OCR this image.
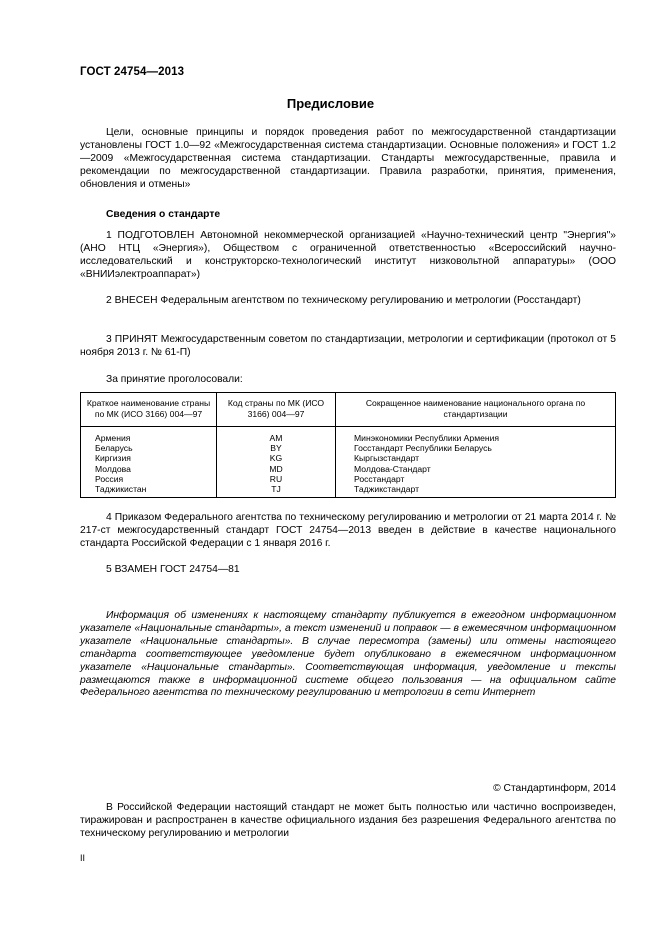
ГОСТ 24754—2013
Предисловие
Цели, основные принципы и порядок проведения работ по межгосударственной стандартизации установлены ГОСТ 1.0—92 «Межгосударственная система стандартизации. Основные положения» и ГОСТ 1.2—2009 «Межгосударственная система стандартизации. Стандарты межгосударственные, правила и рекомендации по межгосударственной стандартизации. Правила разработки, принятия, применения, обновления и отмены»
Сведения о стандарте
1 ПОДГОТОВЛЕН Автономной некоммерческой организацией «Научно-технический центр "Энергия"» (АНО НТЦ «Энергия»), Обществом с ограниченной ответственностью «Всероссийский научно-исследовательский и конструкторско-технологический институт низковольтной аппаратуры» (ООО «ВНИИэлектроаппарат»)
2 ВНЕСЕН Федеральным агентством по техническому регулированию и метрологии (Росстандарт)
3 ПРИНЯТ Межгосударственным советом по стандартизации, метрологии и сертификации (протокол от 5 ноября 2013 г. № 61-П)
За принятие проголосовали:
Краткое наименование страны по МК (ИСО 3166) 004—97	Код страны по МК (ИСО 3166) 004—97	Сокращенное наименование национального органа по стандартизации
Армения	AM	Минэкономики Республики Армения
Беларусь	BY	Госстандарт Республики Беларусь
Киргизия	KG	Кыргызстандарт
Молдова	MD	Молдова-Стандарт
Россия	RU	Росстандарт
Таджикистан	TJ	Таджикстандарт
4 Приказом Федерального агентства по техническому регулированию и метрологии от 21 марта 2014 г. № 217-ст межгосударственный стандарт ГОСТ 24754—2013 введен в действие в качестве национального стандарта Российской Федерации с 1 января 2016 г.
5 ВЗАМЕН ГОСТ 24754—81
Информация об изменениях к настоящему стандарту публикуется в ежегодном информационном указателе «Национальные стандарты», а текст изменений и поправок — в ежемесячном информационном указателе «Национальные стандарты». В случае пересмотра (замены) или отмены настоящего стандарта соответствующее уведомление будет опубликовано в ежемесячном информационном указателе «Национальные стандарты». Соответствующая информация, уведомление и тексты размещаются также в информационной системе общего пользования — на официальном сайте Федерального агентства по техническому регулированию и метрологии в сети Интернет
© Стандартинформ, 2014
В Российской Федерации настоящий стандарт не может быть полностью или частично воспроизведен, тиражирован и распространен в качестве официального издания без разрешения Федерального агентства по техническому регулированию и метрологии
II
